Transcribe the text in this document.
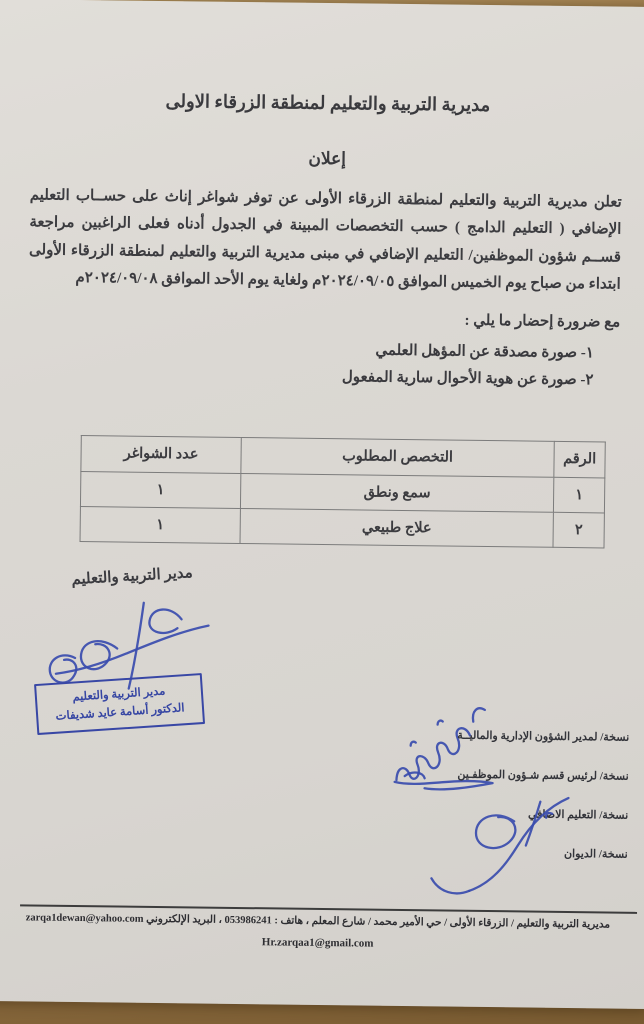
مديرية التربية والتعليم لمنطقة الزرقاء الاولى
إعلان

تعلن مديرية التربية والتعليم لمنطقة الزرقاء الأولى عن توفر شواغر إناث على حســاب التعليم الإضافي ( التعليم الدامج ) حسب التخصصات المبينة في الجدول أدناه فعلى الراغبين مراجعة قســم شؤون الموظفين/ التعليم الإضافي في مبنى مديرية التربية والتعليم لمنطقة الزرقاء الأولى ابتداء من صباح يوم الخميس الموافق ٢٠٢٤/٠٩/٠٥م ولغاية يوم الأحد الموافق ٢٠٢٤/٠٩/٠٨م

مع ضرورة إحضار ما يلي :
١- صورة مصدقة عن المؤهل العلمي
٢- صورة عن هوية الأحوال سارية المفعول
الرقم	التخصص المطلوب	عدد الشواغر
١	سمع ونطق	١
٢	علاج طبيعي	١
مدير التربية والتعليم
مدير التربية والتعليم
الدكتور أسامة عايد شديفات
نسخة/ لمدير الشؤون الإدارية والماليــة
نسخة/ لرئيس قسم شـؤون الموظفـين
نسخة/ التعليم الاضافي
نسخة/ الديوان
مديرية التربية والتعليم / الزرقاء الأولى / حي الأمير محمد / شارع المعلم ، هاتف : 053986241 ، البريد الإلكتروني zarqa1dewan@yahoo.com
Hr.zarqaa1@gmail.com
